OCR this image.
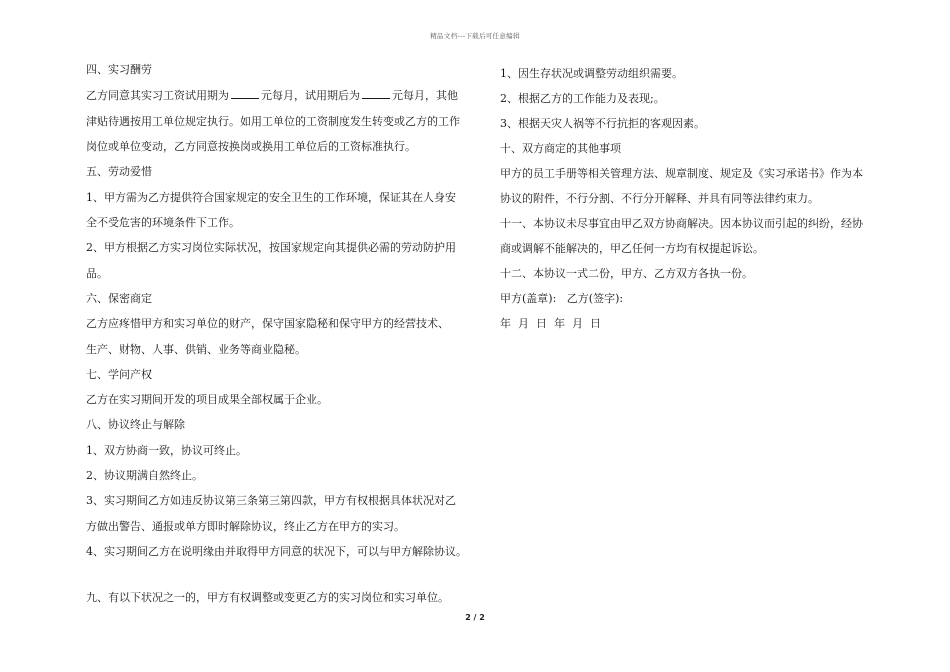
精品文档---下载后可任意编辑
四、实习酬劳
乙方同意其实习工资试用期为	元每月，试用期后为	元每月，其他
津贴待遇按用工单位规定执行。如用工单位的工资制度发生转变或乙方的工作
岗位或单位变动，乙方同意按换岗或换用工单位后的工资标准执行。
五、劳动爱惜
1、甲方需为乙方提供符合国家规定的安全卫生的工作环境，保证其在人身安
全不受危害的环境条件下工作。
2、甲方根据乙方实习岗位实际状况，按国家规定向其提供必需的劳动防护用
品。
六、保密商定
乙方应疼惜甲方和实习单位的财产，保守国家隐秘和保守甲方的经营技术、
生产、财物、人事、供销、业务等商业隐秘。
七、学问产权
乙方在实习期间开发的项目成果全部权属于企业。
八、协议终止与解除
1、双方协商一致，协议可终止。
2、协议期满自然终止。
3、实习期间乙方如违反协议第三条第三第四款，甲方有权根据具体状况对乙
方做出警告、通报或单方即时解除协议，终止乙方在甲方的实习。
4、实习期间乙方在说明缘由并取得甲方同意的状况下，可以与甲方解除协议。
九、有以下状况之一的，甲方有权调整或变更乙方的实习岗位和实习单位。
1、因生存状况或调整劳动组织需要。
2、根据乙方的工作能力及表现;。
3、根据天灾人祸等不行抗拒的客观因素。
十、双方商定的其他事项
甲方的员工手册等相关管理方法、规章制度、规定及《实习承诺书》作为本
协议的附件，不行分割、不行分开解释、并具有同等法律约束力。
十一、本协议未尽事宜由甲乙双方协商解决。因本协议而引起的纠纷，经协
商或调解不能解决的，甲乙任何一方均有权提起诉讼。
十二、本协议一式二份，甲方、乙方双方各执一份。
甲方(盖章):   乙方(签字):
年  月  日  年  月  日
2 / 2
